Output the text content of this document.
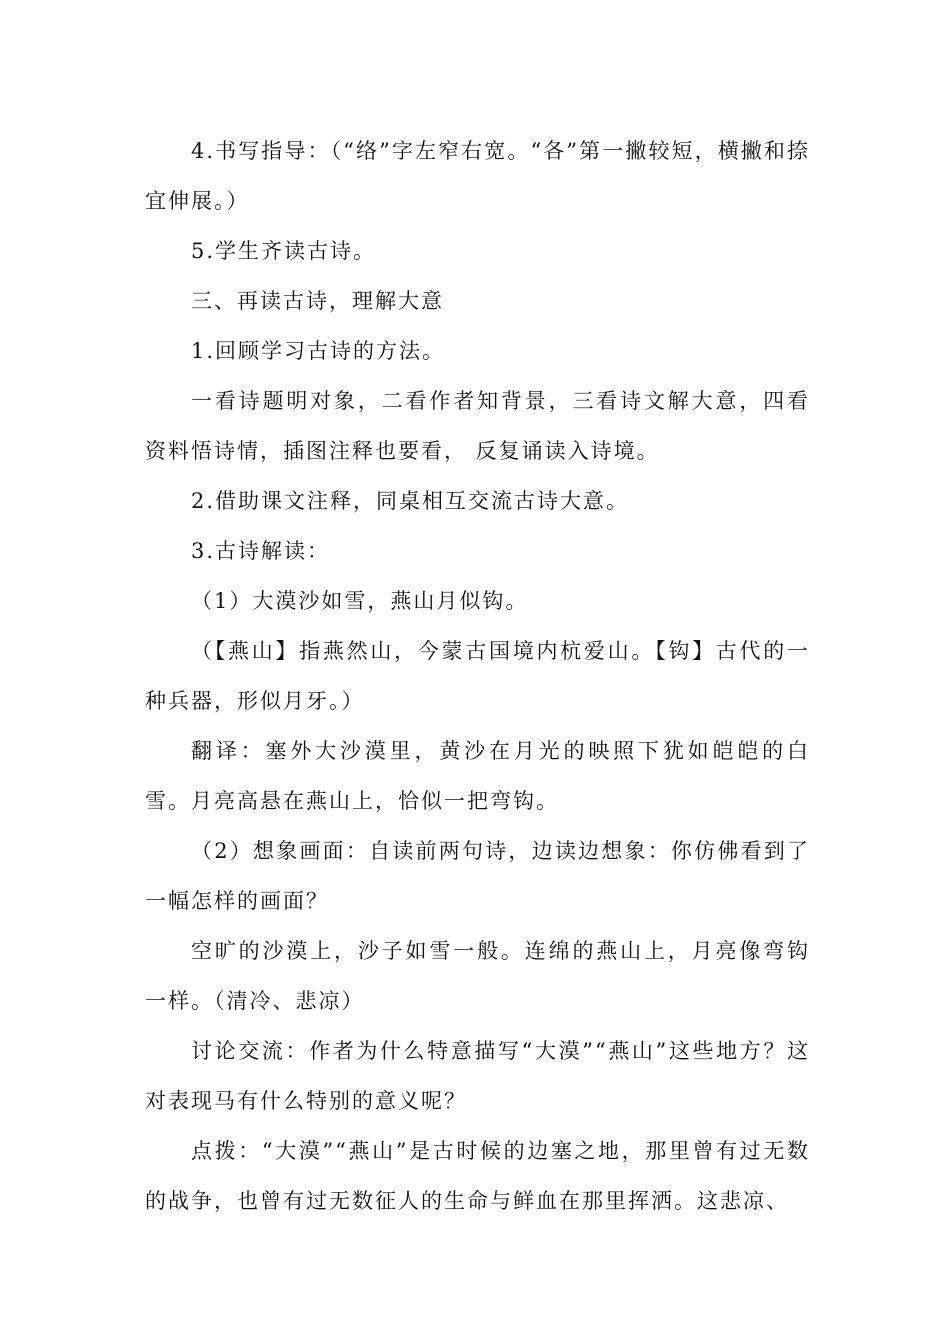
4.书写指导：（“络”字左窄右宽。“各”第一撇较短，横撇和捺宜伸展。）

5.学生齐读古诗。

三、再读古诗，理解大意

1.回顾学习古诗的方法。

一看诗题明对象，二看作者知背景，三看诗文解大意，四看资料悟诗情，插图注释也要看， 反复诵读入诗境。

2.借助课文注释，同桌相互交流古诗大意。

3.古诗解读：

（1）大漠沙如雪，燕山月似钩。

（【燕山】指燕然山，今蒙古国境内杭爱山。【钩】古代的一种兵器，形似月牙。）

翻译：塞外大沙漠里，黄沙在月光的映照下犹如皑皑的白雪。月亮高悬在燕山上，恰似一把弯钩。

（2）想象画面：自读前两句诗，边读边想象：你仿佛看到了一幅怎样的画面？

空旷的沙漠上，沙子如雪一般。连绵的燕山上，月亮像弯钩一样。（清冷、悲凉）

讨论交流：作者为什么特意描写“大漠”“燕山”这些地方？这对表现马有什么特别的意义呢？

点拨：“大漠”“燕山”是古时候的边塞之地，那里曾有过无数的战争，也曾有过无数征人的生命与鲜血在那里挥洒。这悲凉、
